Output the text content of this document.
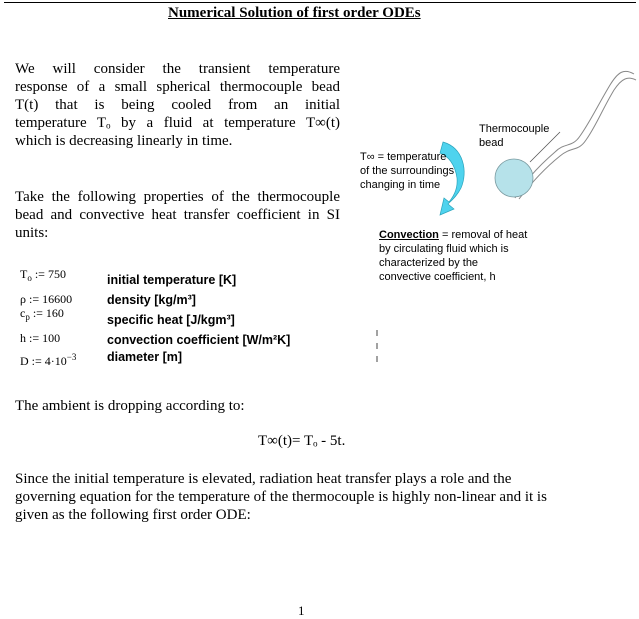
Numerical Solution of first order ODEs
We will consider the transient temperature
response of a small spherical thermocouple bead
T(t) that is being cooled from an initial
temperature Tₒ by a fluid at temperature T∞(t)
which is decreasing linearly in time.
Take the following properties of the thermocouple
bead and convective heat transfer coefficient in SI
units:
$T_o$ := 750	initial temperature [K]
ρ := 16600	density [kg/m³]
$c_p$ := 160	specific heat [J/kgm³]
h := 100	convection coefficient [W/m²K]
D := $4\cdot 10^{-3}$ diameter [m]
Thermocouple
bead
T∞ = temperature
of the surroundings
changing in time
Convection = removal of heat
by circulating fluid which is
characterized by the
convective coefficient, h
The ambient is dropping according to:
T∞(t)= Tₒ - 5t.
Since the initial temperature is elevated, radiation heat transfer plays a role and the
governing equation for the temperature of the thermocouple is highly non-linear and it is
given as the following first order ODE:
1
